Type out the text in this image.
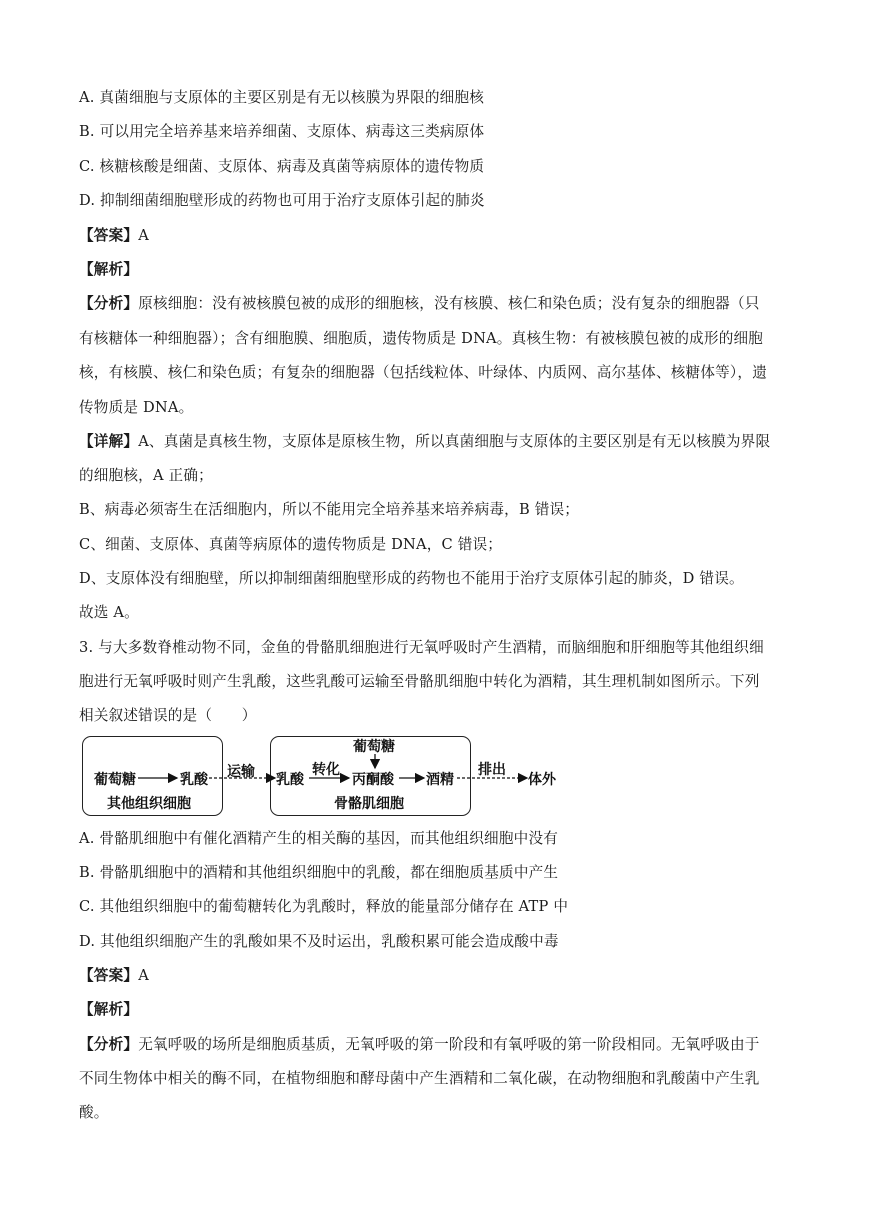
A. 真菌细胞与支原体的主要区别是有无以核膜为界限的细胞核
B. 可以用完全培养基来培养细菌、支原体、病毒这三类病原体
C. 核糖核酸是细菌、支原体、病毒及真菌等病原体的遗传物质
D. 抑制细菌细胞壁形成的药物也可用于治疗支原体引起的肺炎
【答案】A
【解析】
【分析】原核细胞：没有被核膜包被的成形的细胞核，没有核膜、核仁和染色质；没有复杂的细胞器（只
有核糖体一种细胞器）；含有细胞膜、细胞质，遗传物质是 DNA。真核生物：有被核膜包被的成形的细胞
核，有核膜、核仁和染色质；有复杂的细胞器（包括线粒体、叶绿体、内质网、高尔基体、核糖体等），遗
传物质是 DNA。
【详解】A、真菌是真核生物，支原体是原核生物，所以真菌细胞与支原体的主要区别是有无以核膜为界限
的细胞核，A 正确；
B、病毒必须寄生在活细胞内，所以不能用完全培养基来培养病毒，B 错误；
C、细菌、支原体、真菌等病原体的遗传物质是 DNA，C 错误；
D、支原体没有细胞壁，所以抑制细菌细胞壁形成的药物也不能用于治疗支原体引起的肺炎，D 错误。
故选 A。
3. 与大多数脊椎动物不同，金鱼的骨骼肌细胞进行无氧呼吸时产生酒精，而脑细胞和肝细胞等其他组织细
胞进行无氧呼吸时则产生乳酸，这些乳酸可运输至骨骼肌细胞中转化为酒精，其生理机制如图所示。下列
相关叙述错误的是（　　）
葡萄糖	乳酸
其他组织细胞
运输 乳酸
转化
葡萄糖
丙酮酸 酒精
骨骼肌细胞
排出
体外
A. 骨骼肌细胞中有催化酒精产生的相关酶的基因，而其他组织细胞中没有
B. 骨骼肌细胞中的酒精和其他组织细胞中的乳酸，都在细胞质基质中产生
C. 其他组织细胞中的葡萄糖转化为乳酸时，释放的能量部分储存在 ATP 中
D. 其他组织细胞产生的乳酸如果不及时运出，乳酸积累可能会造成酸中毒
【答案】A
【解析】
【分析】无氧呼吸的场所是细胞质基质，无氧呼吸的第一阶段和有氧呼吸的第一阶段相同。无氧呼吸由于
不同生物体中相关的酶不同，在植物细胞和酵母菌中产生酒精和二氧化碳，在动物细胞和乳酸菌中产生乳
酸。
